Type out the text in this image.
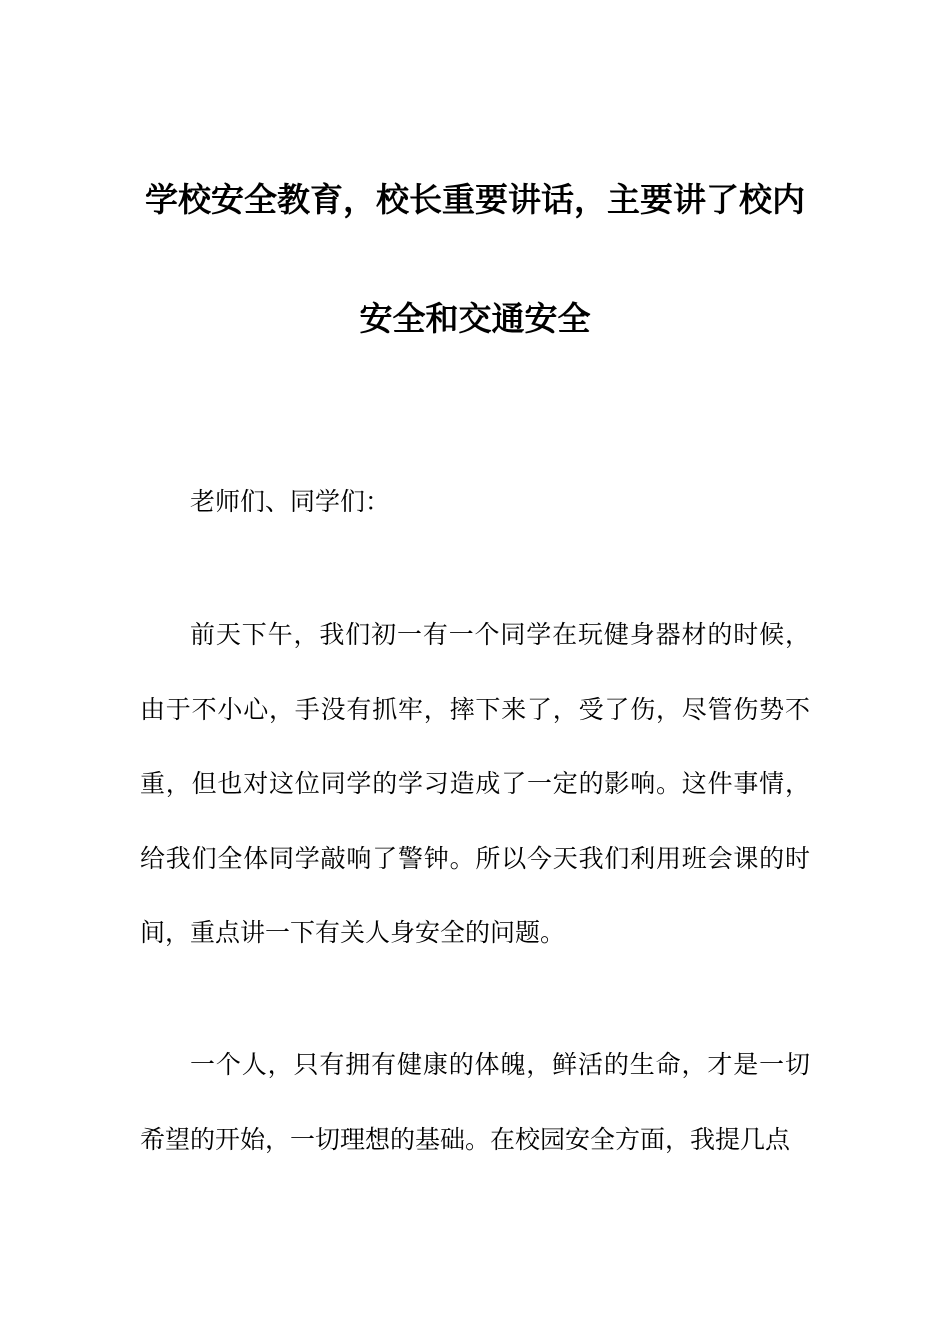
学校安全教育，校长重要讲话，主要讲了校内安全和交通安全

老师们、同学们：

前天下午，我们初一有一个同学在玩健身器材的时候，由于不小心，手没有抓牢，摔下来了，受了伤，尽管伤势不重，但也对这位同学的学习造成了一定的影响。这件事情，给我们全体同学敲响了警钟。所以今天我们利用班会课的时间，重点讲一下有关人身安全的问题。

一个人，只有拥有健康的体魄，鲜活的生命，才是一切希望的开始，一切理想的基础。在校园安全方面，我提几点
